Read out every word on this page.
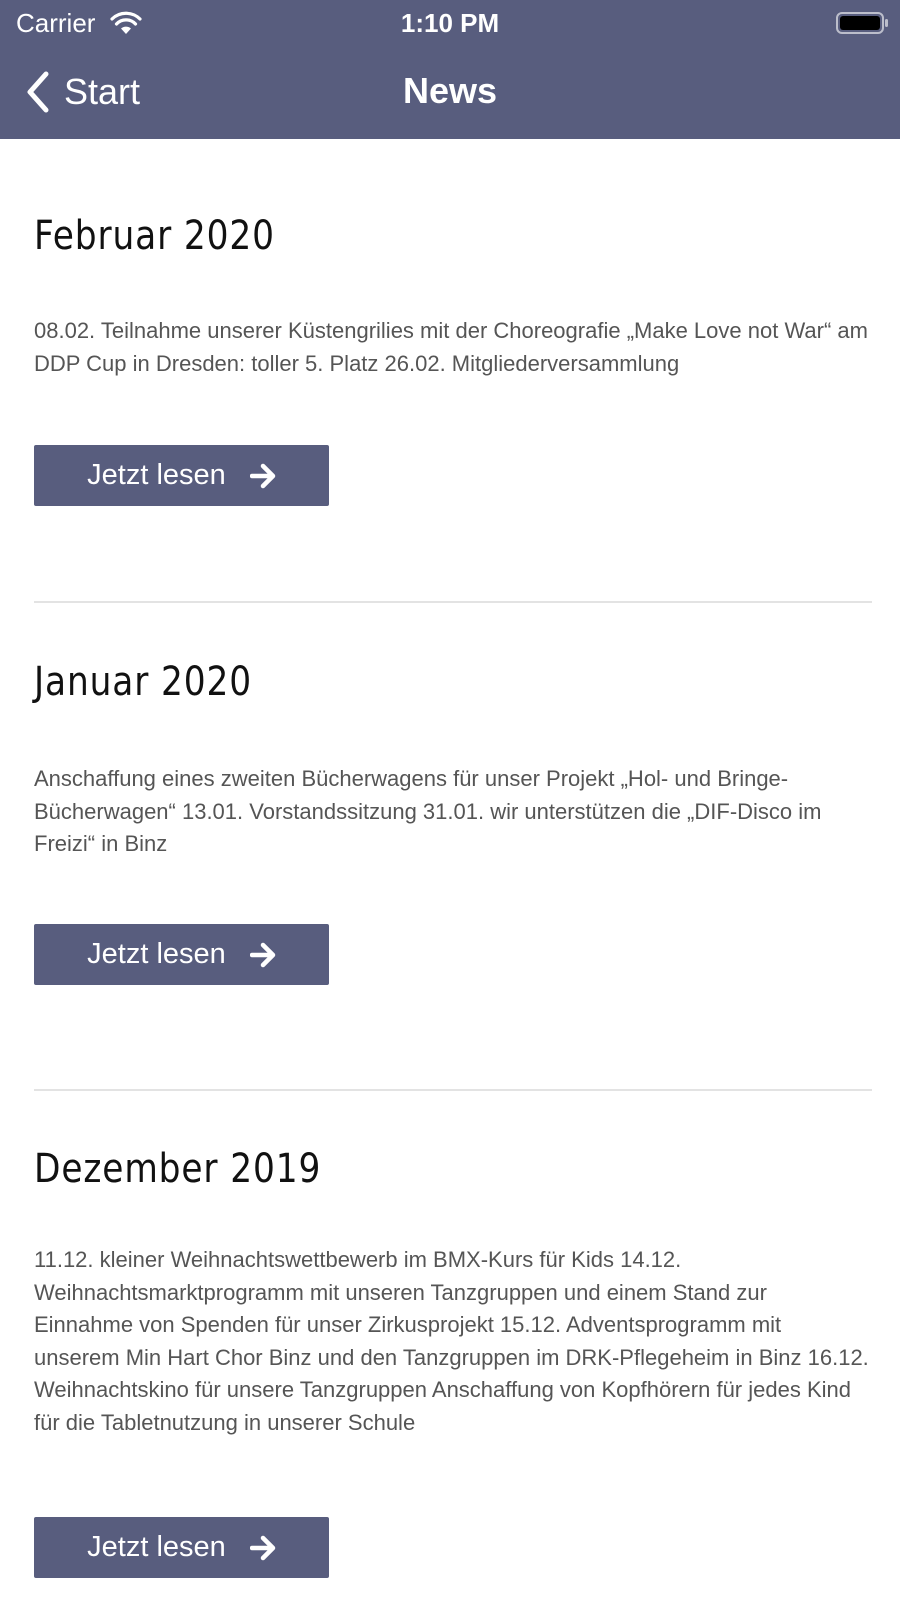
Carrier	1:10 PM
Start	News
Februar 2020
08.02. Teilnahme unserer Küstengrilies mit der Choreografie „Make Love not War“ am DDP Cup in Dresden: toller 5. Platz 26.02. Mitgliederversammlung
Jetzt lesen
Januar 2020
Anschaffung eines zweiten Bücherwagens für unser Projekt „Hol- und Bringe-Bücherwagen“ 13.01. Vorstandssitzung 31.01. wir unterstützen die „DIF-Disco im Freizi“ in Binz
Jetzt lesen
Dezember 2019
11.12. kleiner Weihnachtswettbewerb im BMX-Kurs für Kids 14.12. Weihnachtsmarktprogramm mit unseren Tanzgruppen und einem Stand zur Einnahme von Spenden für unser Zirkusprojekt 15.12. Adventsprogramm mit unserem Min Hart Chor Binz und den Tanzgruppen im DRK-Pflegeheim in Binz 16.12. Weihnachtskino für unsere Tanzgruppen Anschaffung von Kopfhörern für jedes Kind für die Tabletnutzung in unserer Schule
Jetzt lesen
